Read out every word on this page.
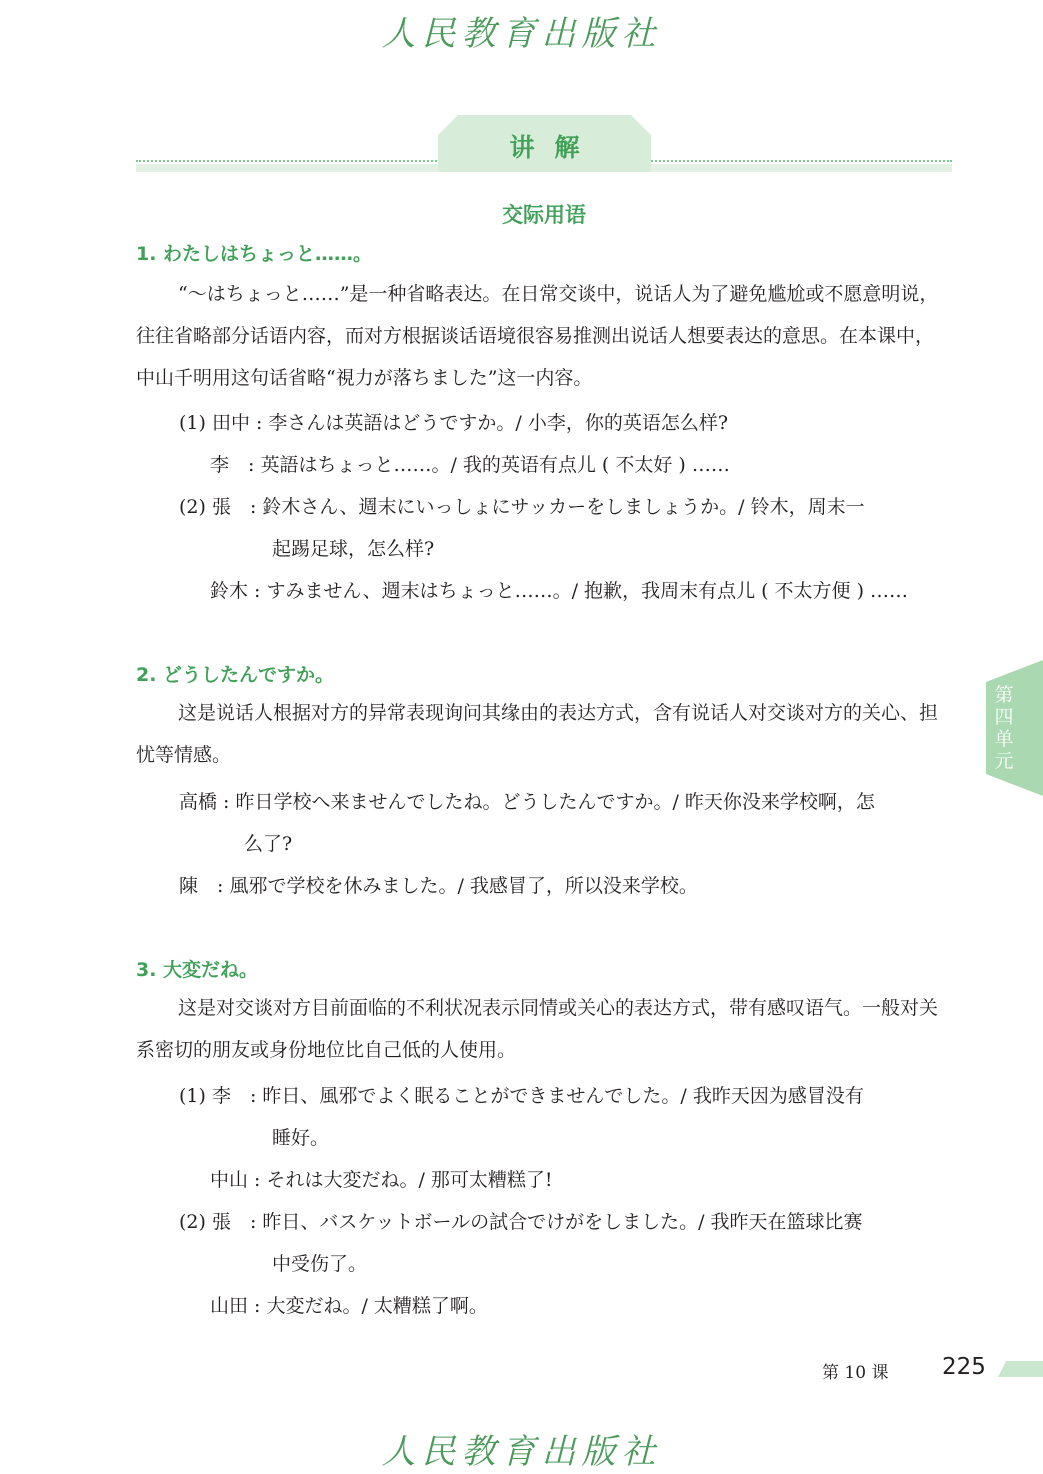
人民教育出版社
讲解
交际用语
1. わたしはちょっと……。
“～はちょっと……”是一种省略表达。在日常交谈中，说话人为了避免尴尬或不愿意明说，往往省略部分话语内容，而对方根据谈话语境很容易推测出说话人想要表达的意思。在本课中，中山千明用这句话省略“視力が落ちました”这一内容。
(1) 田中 : 李さんは英語はどうですか。/ 小李，你的英语怎么样?
李　: 英語はちょっと……。/ 我的英语有点儿 ( 不太好 ) ……
(2) 張　: 鈴木さん、週末にいっしょにサッカーをしましょうか。/ 铃木，周末一
起踢足球，怎么样?
鈴木 : すみません、週末はちょっと……。/ 抱歉，我周末有点儿 ( 不太方便 ) ……
2. どうしたんですか。
这是说话人根据对方的异常表现询问其缘由的表达方式，含有说话人对交谈对方的关心、担忧等情感。
高橋 : 昨日学校へ来ませんでしたね。どうしたんですか。/ 昨天你没来学校啊，怎
么了?
陳　: 風邪で学校を休みました。/ 我感冒了，所以没来学校。
3. 大変だね。
这是对交谈对方目前面临的不利状况表示同情或关心的表达方式，带有感叹语气。一般对关系密切的朋友或身份地位比自己低的人使用。
(1) 李　: 昨日、風邪でよく眠ることができませんでした。/ 我昨天因为感冒没有
睡好。
中山 : それは大変だね。/ 那可太糟糕了!
(2) 張　: 昨日、バスケットボールの試合でけがをしました。/ 我昨天在篮球比赛
中受伤了。
山田 : 大変だね。/ 太糟糕了啊。
第
四
单
元
第 10 课 225
人民教育出版社
